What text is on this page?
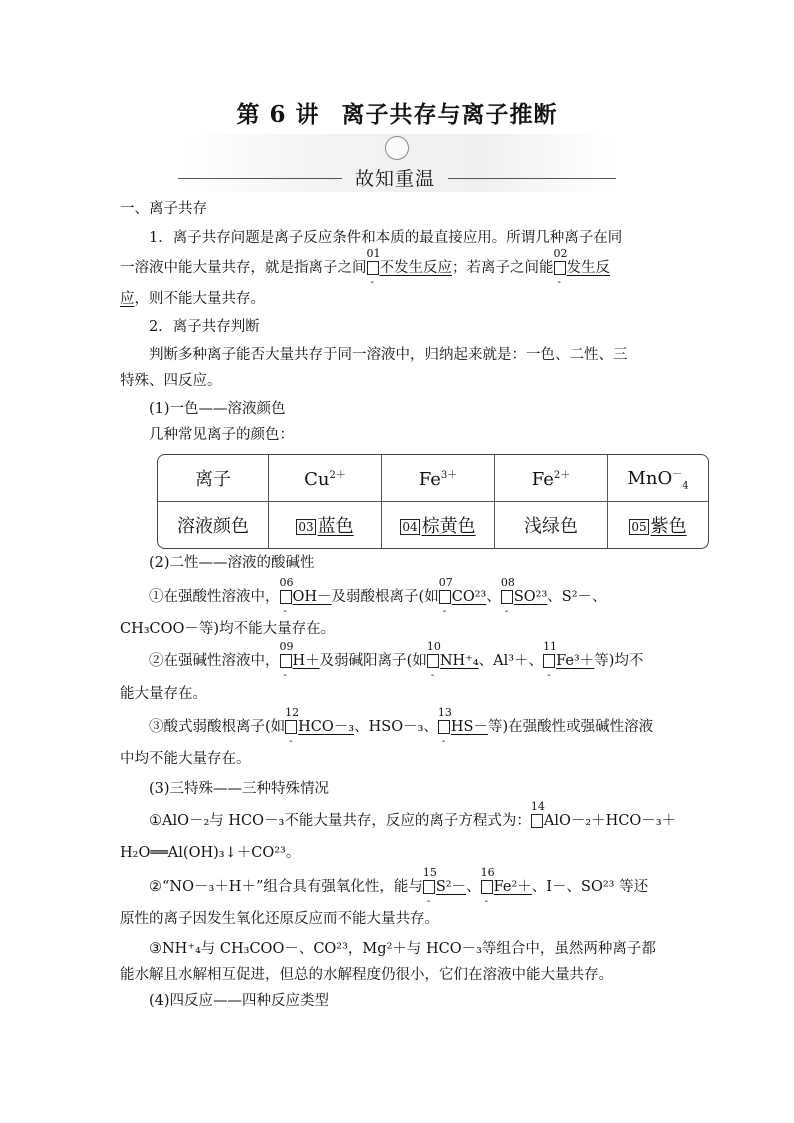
第 6 讲 离子共存与离子推断
故知重温
一、离子共存
1．离子共存问题是离子反应条件和本质的最直接应用。所谓几种离子在同
一溶液中能大量共存，就是指离子之间
01
-
不发生反应；若离子之间能
02
-
发生反
应，则不能大量共存。
2．离子共存判断
判断多种离子能否大量共存于同一溶液中，归纳起来就是：一色、二性、三
特殊、四反应。
(1)一色——溶液颜色
几种常见离子的颜色：
离子	$Cu^{2+}$	$Fe^{3+}$	$Fe^{2+}$	MnO－$_4$
溶液颜色	03 蓝色	04 棕黄色	浅绿色	05 紫色
(2)二性——溶液的酸碱性
①在强酸性溶液中，
06
-
OH－及弱酸根离子(如
07
-
CO²³、
08
-
SO²³、S²－、
CH₃COO－等)均不能大量存在。
②在强碱性溶液中，
09
-
H＋及弱碱阳离子(如
10
-
NH⁺₄、Al³＋、
11
-
Fe³＋等)均不
能大量存在。
③酸式弱酸根离子(如
12
-
HCO－₃、HSO－₃、
13
-
HS－等)在强酸性或强碱性溶液
中均不能大量存在。
(3)三特殊——三种特殊情况
①AlO－₂与 HCO－₃不能大量共存，反应的离子方程式为：
14
AlO－₂＋HCO－₃＋
H₂O══Al(OH)₃↓＋CO²³。
②“NO－₃＋H＋”组合具有强氧化性，能与
15
-
S²－、
16
-
Fe²＋、I－、SO²³ 等还
原性的离子因发生氧化还原反应而不能大量共存。
③NH⁺₄与 CH₃COO－、CO²³，Mg²＋与 HCO－₃等组合中，虽然两种离子都
能水解且水解相互促进，但总的水解程度仍很小，它们在溶液中能大量共存。
(4)四反应——四种反应类型
